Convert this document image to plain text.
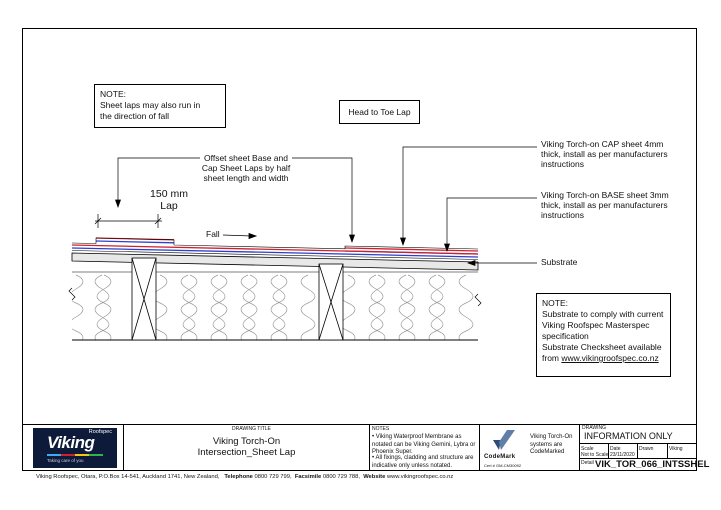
NOTE:
Sheet laps may also run in
the direction of fall	Head to Toe Lap
NOTE:
Substrate to comply with current
Viking Roofspec Masterspec
specification
Substrate Checksheet available
from www.vikingroofspec.co.nz
Offset sheet Base and
Cap Sheet Laps by half
sheet length and width
150 mm
Lap
Fall
Viking Torch-on CAP sheet 4mm
thick, install as per manufacturers
instructions
Viking Torch-on BASE sheet 3mm
thick, install as per manufacturers
instructions
Substrate
Roofspec
Viking
Taking care of you
DRAWING TITLE
Viking Torch-On
Intersection_Sheet Lap
NOTES
• Viking Waterproof Membrane as notated can be Viking Gemini, Lybra or Phoenix Super.
• All fixings, cladding and structure are indicative only unless notated.
CodeMark
Cert # GM-CM30092
Viking Torch-On systems are CodeMarked
DRAWING
INFORMATION ONLY
Scale
Not to Scale
Date
23/11/2020
Drawn	Viking
Detail VIK_TOR_066_INTSSHEL
Viking Roofspec, Otara, P.O.Box 14-541, Auckland 1741, New Zealand, Telephone 0800 729 799, Facsimile 0800 729 788, Website www.vikingroofspec.co.nz
